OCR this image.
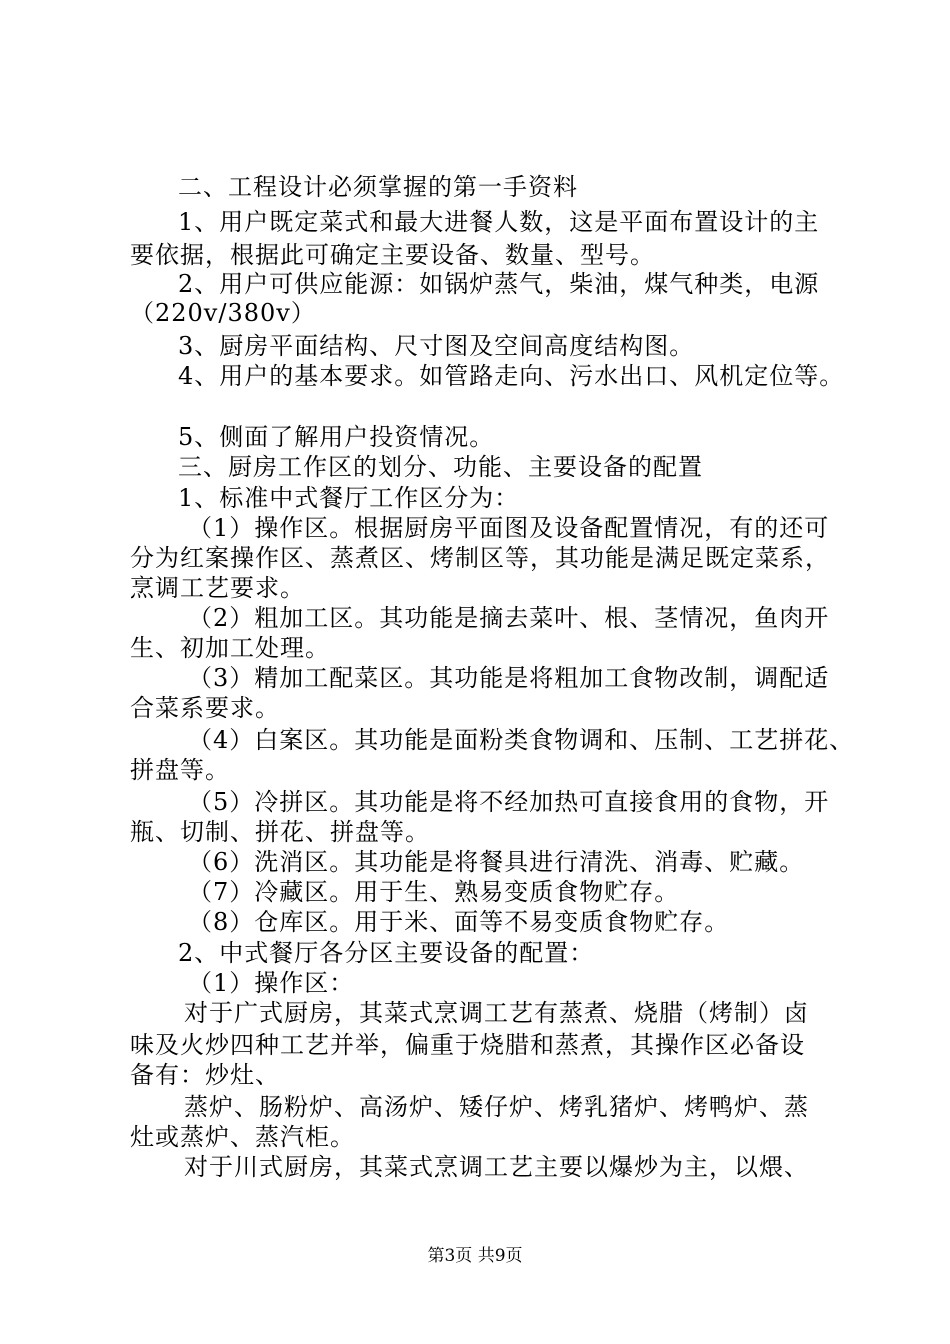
二、工程设计必须掌握的第一手资料
1、用户既定菜式和最大进餐人数，这是平面布置设计的主
要依据，根据此可确定主要设备、数量、型号。
2、用户可供应能源：如锅炉蒸气，柴油，煤气种类，电源
（220v/380v）
3、厨房平面结构、尺寸图及空间高度结构图。
4、用户的基本要求。如管路走向、污水出口、风机定位等。
5、侧面了解用户投资情况。
三、厨房工作区的划分、功能、主要设备的配置
1、标准中式餐厅工作区分为：
（1）操作区。根据厨房平面图及设备配置情况，有的还可
分为红案操作区、蒸煮区、烤制区等，其功能是满足既定菜系，
烹调工艺要求。
（2）粗加工区。其功能是摘去菜叶、根、茎情况，鱼肉开
生、初加工处理。
（3）精加工配菜区。其功能是将粗加工食物改制，调配适
合菜系要求。
（4）白案区。其功能是面粉类食物调和、压制、工艺拼花、
拼盘等。
（5）冷拼区。其功能是将不经加热可直接食用的食物，开
瓶、切制、拼花、拼盘等。
（6）洗消区。其功能是将餐具进行清洗、消毒、贮藏。
（7）冷藏区。用于生、熟易变质食物贮存。
（8）仓库区。用于米、面等不易变质食物贮存。
2、中式餐厅各分区主要设备的配置：
（1）操作区：
对于广式厨房，其菜式烹调工艺有蒸煮、烧腊（烤制）卤
味及火炒四种工艺并举，偏重于烧腊和蒸煮，其操作区必备设
备有：炒灶、
蒸炉、肠粉炉、高汤炉、矮仔炉、烤乳猪炉、烤鸭炉、蒸
灶或蒸炉、蒸汽柜。
对于川式厨房，其菜式烹调工艺主要以爆炒为主，以煨、
第3页 共9页
